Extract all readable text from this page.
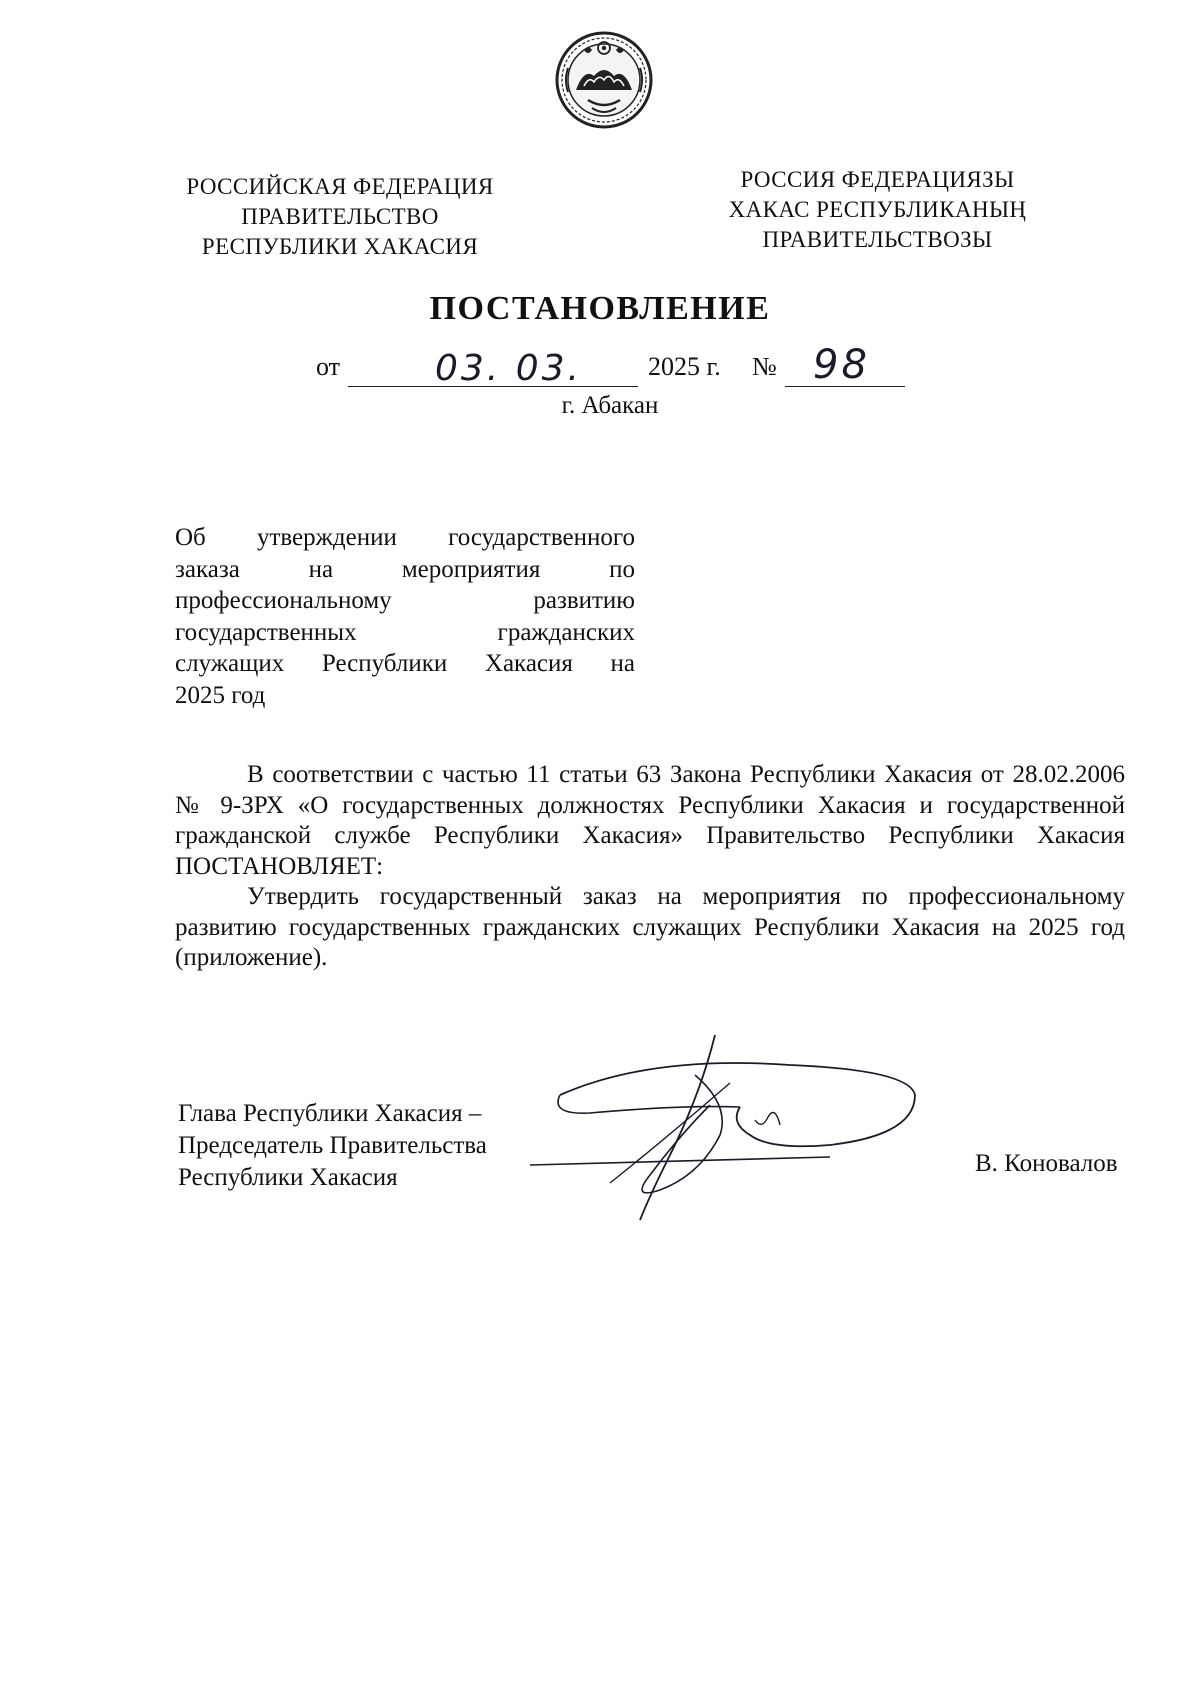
РОССИЙСКАЯ ФЕДЕРАЦИЯ
ПРАВИТЕЛЬСТВО
РЕСПУБЛИКИ ХАКАСИЯ
РОССИЯ ФЕДЕРАЦИЯЗЫ
ХАКАС РЕСПУБЛИКАНЫҢ
ПРАВИТЕЛЬСТВОЗЫ
ПОСТАНОВЛЕНИЕ
от	03. 03.	2025 г. № 98
г. Абакан
Об утверждении государственного
заказа на мероприятия по
профессиональному развитию
государственных гражданских
служащих Республики Хакасия на
2025 год
В соответствии с частью 11 статьи 63 Закона Республики Хакасия от 28.02.2006 № 9-ЗРХ «О государственных должностях Республики Хакасия и государственной гражданской службе Республики Хакасия» Правительство Республики Хакасия ПОСТАНОВЛЯЕТ:
Утвердить государственный заказ на мероприятия по профессиональному развитию государственных гражданских служащих Республики Хакасия на 2025 год (приложение).
Глава Республики Хакасия –
Председатель Правительства
Республики Хакасия
В. Коновалов
